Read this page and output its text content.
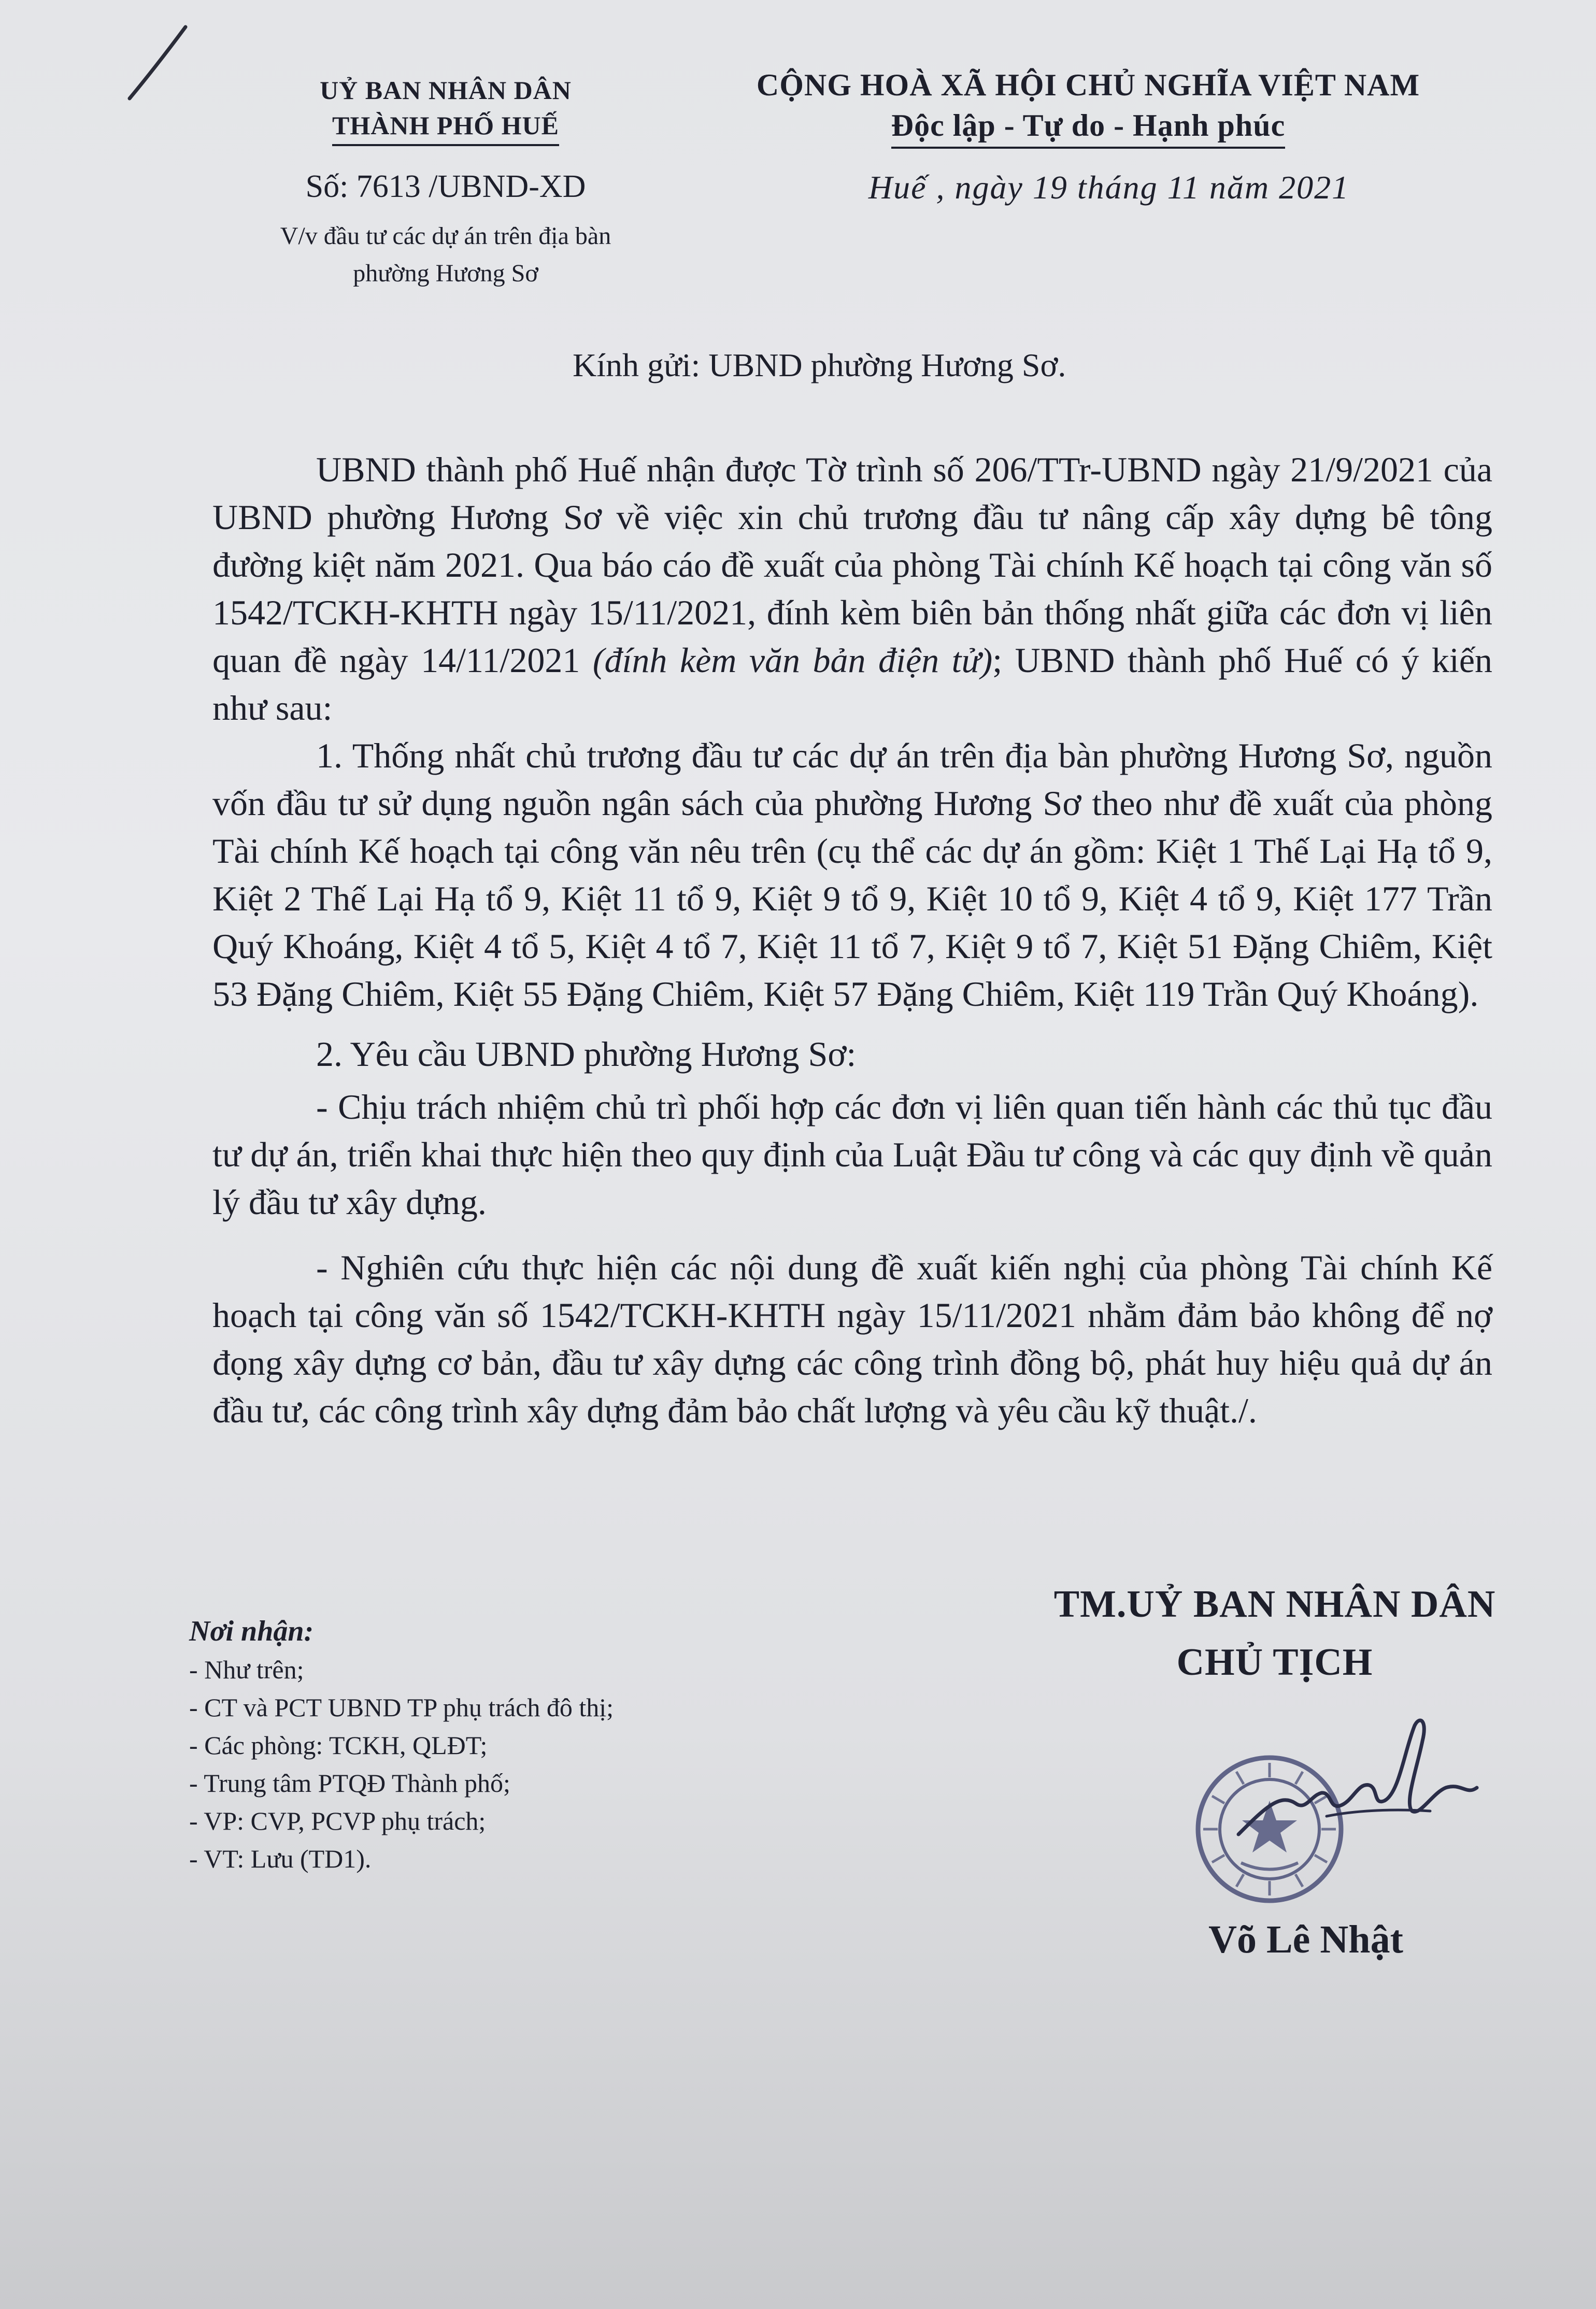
UỶ BAN NHÂN DÂN
THÀNH PHỐ HUẾ
Số: 7613 /UBND-XD
V/v đầu tư các dự án trên địa bàn
phường Hương Sơ
CỘNG HOÀ XÃ HỘI CHỦ NGHĨA VIỆT NAM
Độc lập - Tự do - Hạnh phúc
Huế , ngày 19 tháng 11 năm 2021
Kính gửi: UBND phường Hương Sơ.
UBND thành phố Huế nhận được Tờ trình số 206/TTr-UBND ngày 21/9/2021 của UBND phường Hương Sơ về việc xin chủ trương đầu tư nâng cấp xây dựng bê tông đường kiệt năm 2021. Qua báo cáo đề xuất của phòng Tài chính Kế hoạch tại công văn số 1542/TCKH-KHTH ngày 15/11/2021, đính kèm biên bản thống nhất giữa các đơn vị liên quan đề ngày 14/11/2021 (đính kèm văn bản điện tử); UBND thành phố Huế có ý kiến như sau:
1. Thống nhất chủ trương đầu tư các dự án trên địa bàn phường Hương Sơ, nguồn vốn đầu tư sử dụng nguồn ngân sách của phường Hương Sơ theo như đề xuất của phòng Tài chính Kế hoạch tại công văn nêu trên (cụ thể các dự án gồm: Kiệt 1 Thế Lại Hạ tổ 9, Kiệt 2 Thế Lại Hạ tổ 9, Kiệt 11 tổ 9, Kiệt 9 tổ 9, Kiệt 10 tổ 9, Kiệt 4 tổ 9, Kiệt 177 Trần Quý Khoáng, Kiệt 4 tổ 5, Kiệt 4 tổ 7, Kiệt 11 tổ 7, Kiệt 9 tổ 7, Kiệt 51 Đặng Chiêm, Kiệt 53 Đặng Chiêm, Kiệt 55 Đặng Chiêm, Kiệt 57 Đặng Chiêm, Kiệt 119 Trần Quý Khoáng).
2. Yêu cầu UBND phường Hương Sơ:
- Chịu trách nhiệm chủ trì phối hợp các đơn vị liên quan tiến hành các thủ tục đầu tư dự án, triển khai thực hiện theo quy định của Luật Đầu tư công và các quy định về quản lý đầu tư xây dựng.
- Nghiên cứu thực hiện các nội dung đề xuất kiến nghị của phòng Tài chính Kế hoạch tại công văn số 1542/TCKH-KHTH ngày 15/11/2021 nhằm đảm bảo không để nợ đọng xây dựng cơ bản, đầu tư xây dựng các công trình đồng bộ, phát huy hiệu quả dự án đầu tư, các công trình xây dựng đảm bảo chất lượng và yêu cầu kỹ thuật./.
Nơi nhận:
- Như trên;
- CT và PCT UBND TP phụ trách đô thị;
- Các phòng: TCKH, QLĐT;
- Trung tâm PTQĐ Thành phố;
- VP: CVP, PCVP phụ trách;
- VT: Lưu (TD1).
TM.UỶ BAN NHÂN DÂN
CHỦ TỊCH
Võ Lê Nhật
